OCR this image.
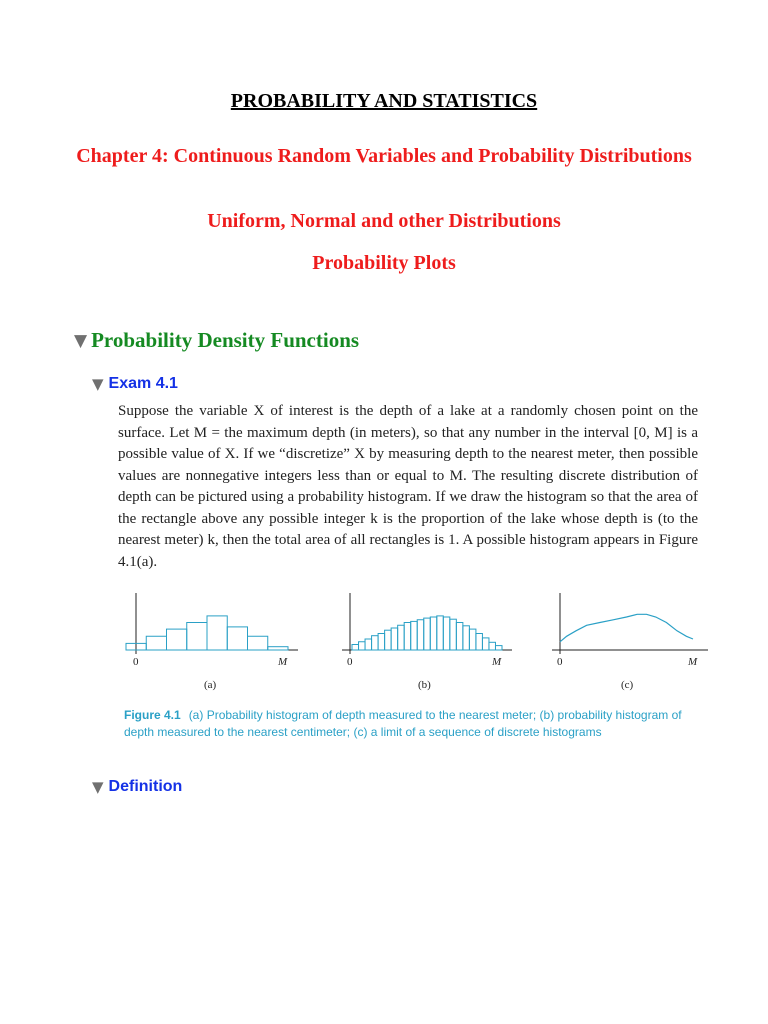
PROBABILITY AND STATISTICS

Chapter 4: Continuous Random Variables and Probability Distributions

Uniform, Normal and other Distributions

Probability Plots

▼ Probability Density Functions
▼ Exam 4.1

Suppose the variable X of interest is the depth of a lake at a randomly chosen point on the surface. Let M = the maximum depth (in meters), so that any number in the interval [0, M] is a possible value of X. If we “discretize” X by measuring depth to the nearest meter, then possible values are nonnegative integers less than or equal to M. The resulting discrete distribution of depth can be pictured using a probability histogram. If we draw the histogram so that the area of the rectangle above any possible integer k is the proportion of the lake whose depth is (to the nearest meter) k, then the total area of all rectangles is 1. A possible histogram appears in Figure 4.1(a).

0	M
(a)
0	M
(b)
0	M
(c)

Figure 4.1 (a) Probability histogram of depth measured to the nearest meter; (b) probability histogram of depth measured to the nearest centimeter; (c) a limit of a sequence of discrete histograms

▼ Definition
